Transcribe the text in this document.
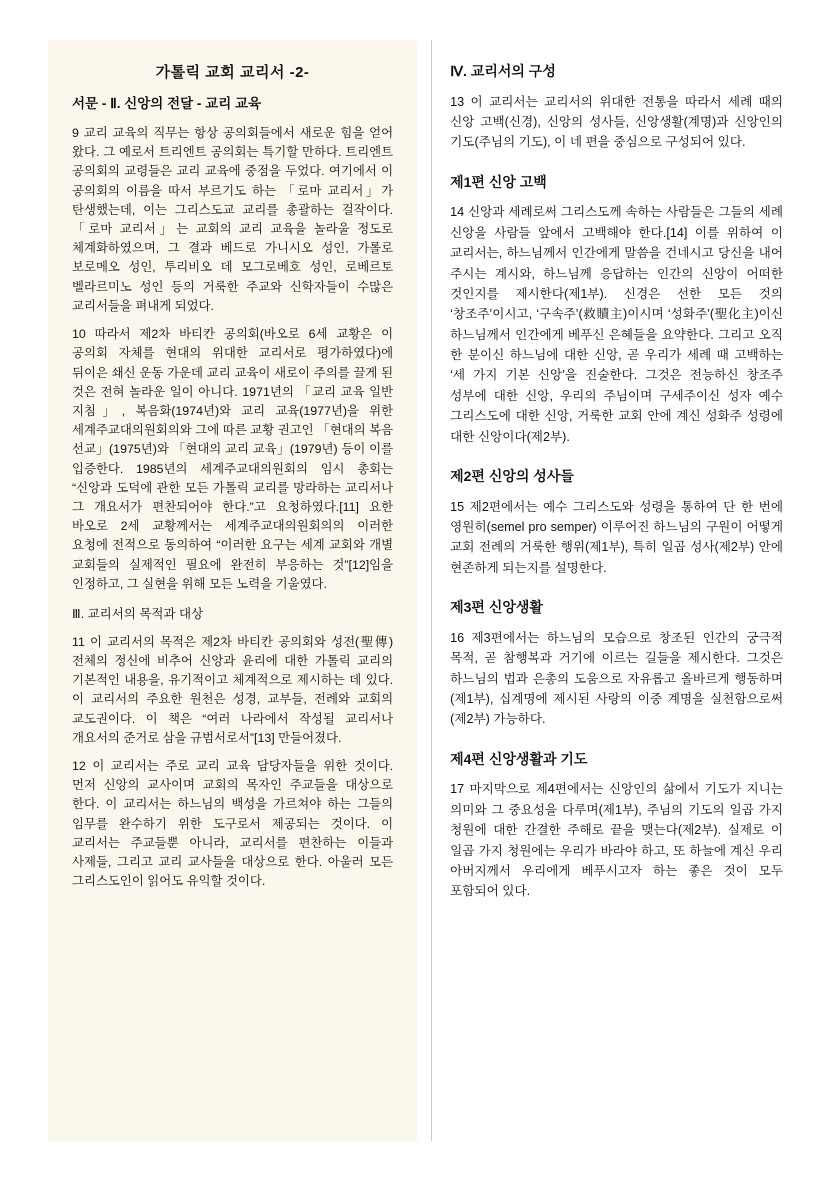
가톨릭 교회 교리서 -2-
서문 - Ⅱ. 신앙의 전달 - 교리 교육

9 교리 교육의 직무는 항상 공의회들에서 새로운 힘을 얻어 왔다. 그 예로서 트리엔트 공의회는 특기할 만하다. 트리엔트 공의회의 교령들은 교리 교육에 중점을 두었다. 여기에서 이 공의회의 이름을 따서 부르기도 하는 「로마 교리서」가 탄생했는데, 이는 그리스도교 교리를 총괄하는 걸작이다. 「로마 교리서」는 교회의 교리 교육을 놀라울 정도로 체계화하였으며, 그 결과 베드로 가니시오 성인, 가롤로 보로메오 성인, 투리비오 데 모그로베호 성인, 로베르토 벨라르미노 성인 등의 거룩한 주교와 신학자들이 수많은 교리서들을 펴내게 되었다.

10 따라서 제2차 바티칸 공의회(바오로 6세 교황은 이 공의회 자체를 현대의 위대한 교리서로 평가하였다)에 뒤이은 쇄신 운동 가운데 교리 교육이 새로이 주의를 끌게 된 것은 전혀 놀라운 일이 아니다. 1971년의 「교리 교육 일반 지침」, 복음화(1974년)와 교리 교육(1977년)을 위한 세계주교대의원회의와 그에 따른 교황 권고인 「현대의 복음 선교」(1975년)와 「현대의 교리 교육」(1979년) 등이 이를 입증한다. 1985년의 세계주교대의원회의 임시 총회는 “신앙과 도덕에 관한 모든 가톨릭 교리를 망라하는 교리서나 그 개요서가 편찬되어야 한다.”고 요청하였다.[11] 요한 바오로 2세 교황께서는 세계주교대의원회의의 이러한 요청에 전적으로 동의하여 “이러한 요구는 세계 교회와 개별 교회들의 실제적인 필요에 완전히 부응하는 것”[12]임을 인정하고, 그 실현을 위해 모든 노력을 기울였다.

Ⅲ. 교리서의 목적과 대상

11 이 교리서의 목적은 제2차 바티칸 공의회와 성전(聖傳) 전체의 정신에 비추어 신앙과 윤리에 대한 가톨릭 교리의 기본적인 내용을, 유기적이고 체계적으로 제시하는 데 있다. 이 교리서의 주요한 원천은 성경, 교부들, 전례와 교회의 교도권이다. 이 책은 “여러 나라에서 작성될 교리서나 개요서의 준거로 삼을 규범서로서”[13] 만들어졌다.

12 이 교리서는 주로 교리 교육 담당자들을 위한 것이다. 먼저 신앙의 교사이며 교회의 목자인 주교들을 대상으로 한다. 이 교리서는 하느님의 백성을 가르쳐야 하는 그들의 임무를 완수하기 위한 도구로서 제공되는 것이다. 이 교리서는 주교들뿐 아니라, 교리서를 편찬하는 이들과 사제들, 그리고 교리 교사들을 대상으로 한다. 아울러 모든 그리스도인이 읽어도 유익할 것이다.

Ⅳ. 교리서의 구성

13 이 교리서는 교리서의 위대한 전통을 따라서 세례 때의 신앙 고백(신경), 신앙의 성사들, 신앙생활(계명)과 신앙인의 기도(주님의 기도), 이 네 편을 중심으로 구성되어 있다.

제1편 신앙 고백

14 신앙과 세례로써 그리스도께 속하는 사람들은 그들의 세례 신앙을 사람들 앞에서 고백해야 한다.[14] 이를 위하여 이 교리서는, 하느님께서 인간에게 말씀을 건네시고 당신을 내어 주시는 계시와, 하느님께 응답하는 인간의 신앙이 어떠한 것인지를 제시한다(제1부). 신경은 선한 모든 것의 ‘창조주’이시고, ‘구속주’(救贖主)이시며 ‘성화주’(聖化主)이신 하느님께서 인간에게 베푸신 은혜들을 요약한다. 그리고 오직 한 분이신 하느님에 대한 신앙, 곧 우리가 세례 때 고백하는 ‘세 가지 기본 신앙’을 진술한다. 그것은 전능하신 창조주 성부에 대한 신앙, 우리의 주님이며 구세주이신 성자 예수 그리스도에 대한 신앙, 거룩한 교회 안에 계신 성화주 성령에 대한 신앙이다(제2부).

제2편 신앙의 성사들

15 제2편에서는 예수 그리스도와 성령을 통하여 단 한 번에 영원히(semel pro semper) 이루어진 하느님의 구원이 어떻게 교회 전례의 거룩한 행위(제1부), 특히 일곱 성사(제2부) 안에 현존하게 되는지를 설명한다.

제3편 신앙생활

16 제3편에서는 하느님의 모습으로 창조된 인간의 궁극적 목적, 곧 참행복과 거기에 이르는 길들을 제시한다. 그것은 하느님의 법과 은총의 도움으로 자유롭고 올바르게 행동하며(제1부), 십계명에 제시된 사랑의 이중 계명을 실천함으로써(제2부) 가능하다.

제4편 신앙생활과 기도

17 마지막으로 제4편에서는 신앙인의 삶에서 기도가 지니는 의미와 그 중요성을 다루며(제1부), 주님의 기도의 일곱 가지 청원에 대한 간결한 주해로 끝을 맺는다(제2부). 실제로 이 일곱 가지 청원에는 우리가 바라야 하고, 또 하늘에 계신 우리 아버지께서 우리에게 베푸시고자 하는 좋은 것이 모두 포함되어 있다.
